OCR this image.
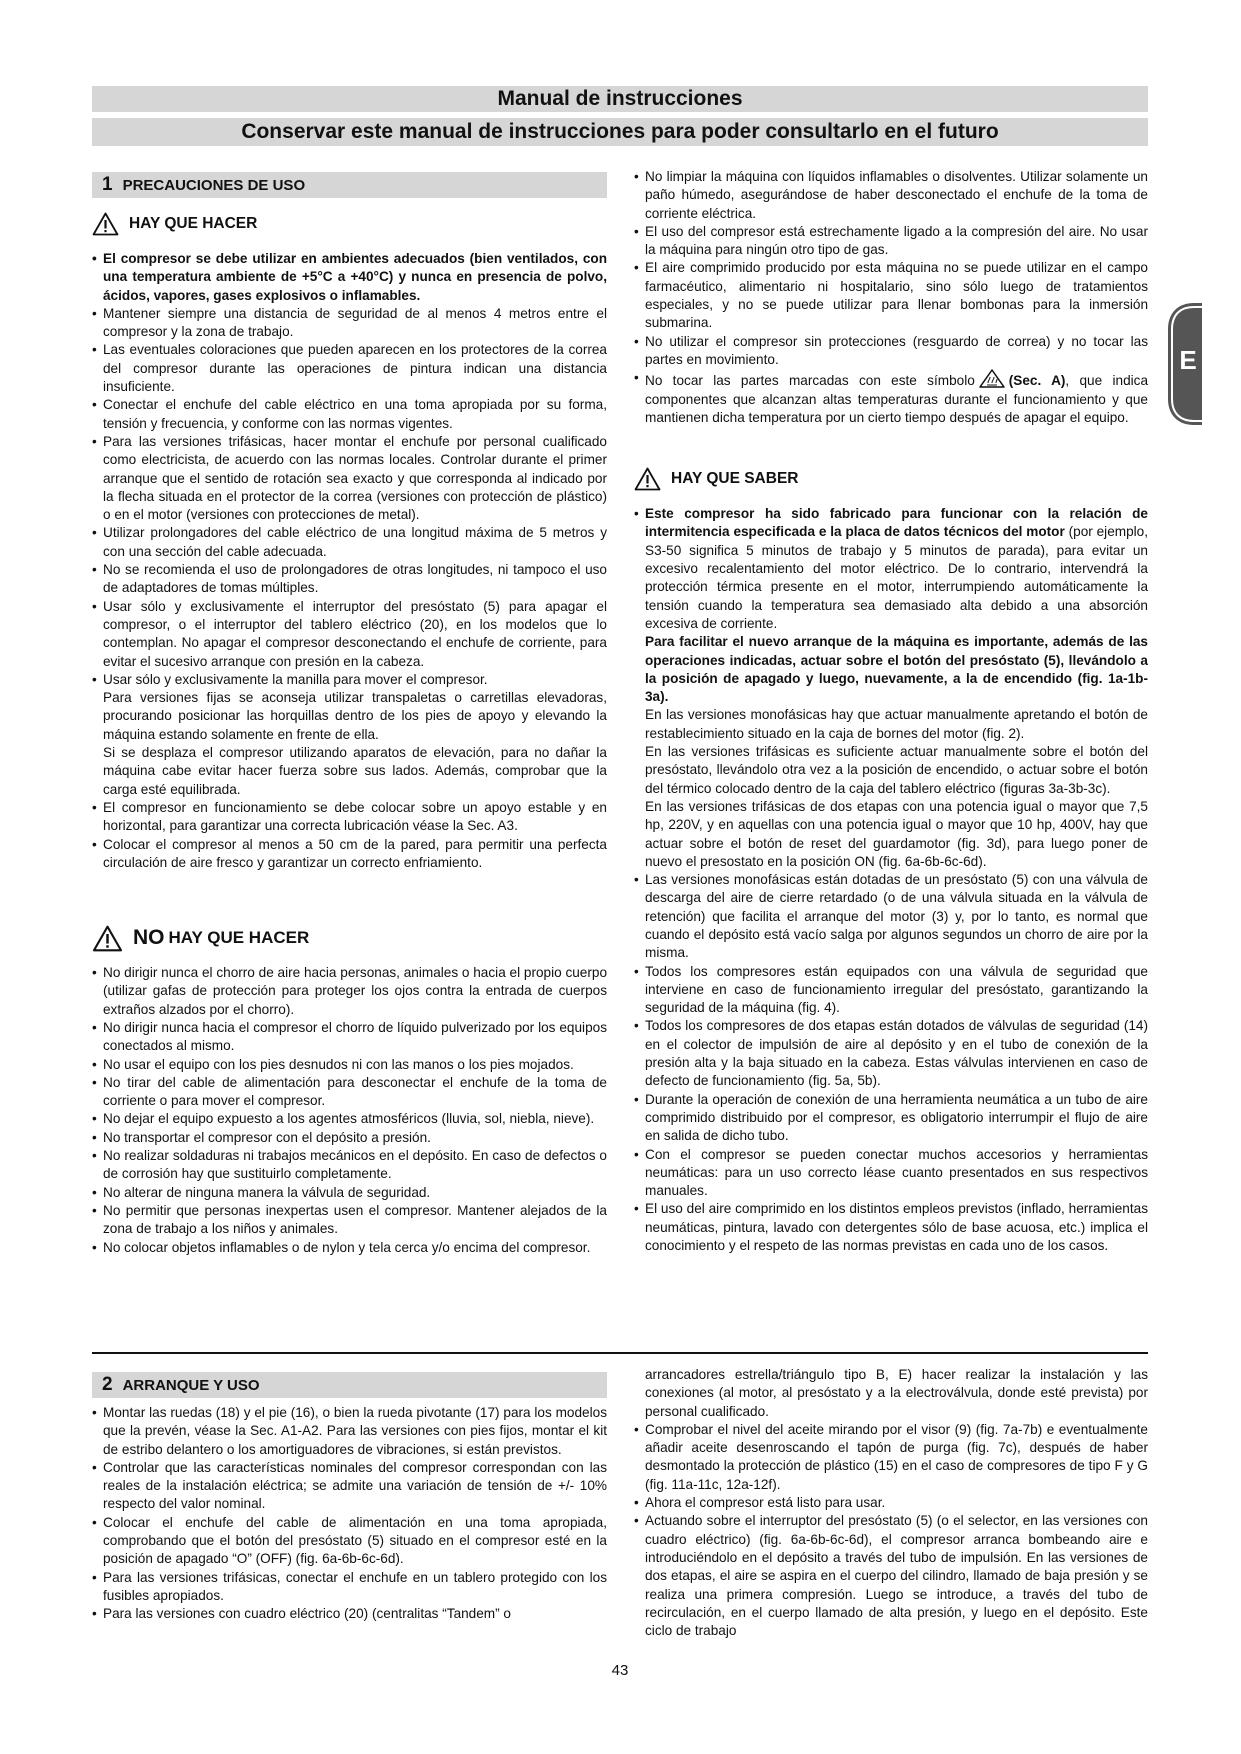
Manual de instrucciones
Conservar este manual de instrucciones para poder consultarlo en el futuro
E
1 PRECAUCIONES DE USO
HAY QUE HACER
• El compresor se debe utilizar en ambientes adecuados (bien ventilados, con una temperatura ambiente de +5°C a +40°C) y nunca en presencia de polvo, ácidos, vapores, gases explosivos o inflamables.
• Mantener siempre una distancia de seguridad de al menos 4 metros entre el compresor y la zona de trabajo.
• Las eventuales coloraciones que pueden aparecen en los protectores de la correa del compresor durante las operaciones de pintura indican una distancia insuficiente.
• Conectar el enchufe del cable eléctrico en una toma apropiada por su forma, tensión y frecuencia, y conforme con las normas vigentes.
• Para las versiones trifásicas, hacer montar el enchufe por personal cualificado como electricista, de acuerdo con las normas locales. Controlar durante el primer arranque que el sentido de rotación sea exacto y que corresponda al indicado por la flecha situada en el protector de la correa (versiones con protección de plástico) o en el motor (versiones con protecciones de metal).
• Utilizar prolongadores del cable eléctrico de una longitud máxima de 5 metros y con una sección del cable adecuada.
• No se recomienda el uso de prolongadores de otras longitudes, ni tampoco el uso de adaptadores de tomas múltiples.
• Usar sólo y exclusivamente el interruptor del presóstato (5) para apagar el compresor, o el interruptor del tablero eléctrico (20), en los modelos que lo contemplan. No apagar el compresor desconectando el enchufe de corriente, para evitar el sucesivo arranque con presión en la cabeza.
• Usar sólo y exclusivamente la manilla para mover el compresor.
Para versiones fijas se aconseja utilizar transpaletas o carretillas elevadoras, procurando posicionar las horquillas dentro de los pies de apoyo y elevando la máquina estando solamente en frente de ella.
Si se desplaza el compresor utilizando aparatos de elevación, para no dañar la máquina cabe evitar hacer fuerza sobre sus lados. Además, comprobar que la carga esté equilibrada.
• El compresor en funcionamiento se debe colocar sobre un apoyo estable y en horizontal, para garantizar una correcta lubricación véase la Sec. A3.
• Colocar el compresor al menos a 50 cm de la pared, para permitir una perfecta circulación de aire fresco y garantizar un correcto enfriamiento.
NO HAY QUE HACER
• No dirigir nunca el chorro de aire hacia personas, animales o hacia el propio cuerpo (utilizar gafas de protección para proteger los ojos contra la entrada de cuerpos extraños alzados por el chorro).
• No dirigir nunca hacia el compresor el chorro de líquido pulverizado por los equipos conectados al mismo.
• No usar el equipo con los pies desnudos ni con las manos o los pies mojados.
• No tirar del cable de alimentación para desconectar el enchufe de la toma de corriente o para mover el compresor.
• No dejar el equipo expuesto a los agentes atmosféricos (lluvia, sol, niebla, nieve).
• No transportar el compresor con el depósito a presión.
• No realizar soldaduras ni trabajos mecánicos en el depósito. En caso de defectos o de corrosión hay que sustituirlo completamente.
• No alterar de ninguna manera la válvula de seguridad.
• No permitir que personas inexpertas usen el compresor. Mantener alejados de la zona de trabajo a los niños y animales.
• No colocar objetos inflamables o de nylon y tela cerca y/o encima del compresor.
• No limpiar la máquina con líquidos inflamables o disolventes. Utilizar solamente un paño húmedo, asegurándose de haber desconectado el enchufe de la toma de corriente eléctrica.
• El uso del compresor está estrechamente ligado a la compresión del aire. No usar la máquina para ningún otro tipo de gas.
• El aire comprimido producido por esta máquina no se puede utilizar en el campo farmacéutico, alimentario ni hospitalario, sino sólo luego de tratamientos especiales, y no se puede utilizar para llenar bombonas para la inmersión submarina.
• No utilizar el compresor sin protecciones (resguardo de correa) y no tocar las partes en movimiento.
• No tocar las partes marcadas con este símbolo	(Sec. A), que indica componentes que alcanzan altas temperaturas durante el funcionamiento y que mantienen dicha temperatura por un cierto tiempo después de apagar el equipo.
HAY QUE SABER
• Este compresor ha sido fabricado para funcionar con la relación de intermitencia especificada e la placa de datos técnicos del motor (por ejemplo, S3-50 significa 5 minutos de trabajo y 5 minutos de parada), para evitar un excesivo recalentamiento del motor eléctrico. De lo contrario, intervendrá la protección térmica presente en el motor, interrumpiendo automáticamente la tensión cuando la temperatura sea demasiado alta debido a una absorción excesiva de corriente.
Para facilitar el nuevo arranque de la máquina es importante, además de las operaciones indicadas, actuar sobre el botón del presóstato (5), llevándolo a la posición de apagado y luego, nuevamente, a la de encendido (fig. 1a-1b-3a).
En las versiones monofásicas hay que actuar manualmente apretando el botón de restablecimiento situado en la caja de bornes del motor (fig. 2).
En las versiones trifásicas es suficiente actuar manualmente sobre el botón del presóstato, llevándolo otra vez a la posición de encendido, o actuar sobre el botón del térmico colocado dentro de la caja del tablero eléctrico (figuras 3a-3b-3c).
En las versiones trifásicas de dos etapas con una potencia igual o mayor que 7,5 hp, 220V, y en aquellas con una potencia igual o mayor que 10 hp, 400V, hay que actuar sobre el botón de reset del guardamotor (fig. 3d), para luego poner de nuevo el presostato en la posición ON (fig. 6a-6b-6c-6d).
• Las versiones monofásicas están dotadas de un presóstato (5) con una válvula de descarga del aire de cierre retardado (o de una válvula situada en la válvula de retención) que facilita el arranque del motor (3) y, por lo tanto, es normal que cuando el depósito está vacío salga por algunos segundos un chorro de aire por la misma.
• Todos los compresores están equipados con una válvula de seguridad que interviene en caso de funcionamiento irregular del presóstato, garantizando la seguridad de la máquina (fig. 4).
• Todos los compresores de dos etapas están dotados de válvulas de seguridad (14) en el colector de impulsión de aire al depósito y en el tubo de conexión de la presión alta y la baja situado en la cabeza. Estas válvulas intervienen en caso de defecto de funcionamiento (fig. 5a, 5b).
• Durante la operación de conexión de una herramienta neumática a un tubo de aire comprimido distribuido por el compresor, es obligatorio interrumpir el flujo de aire en salida de dicho tubo.
• Con el compresor se pueden conectar muchos accesorios y herramientas neumáticas: para un uso correcto léase cuanto presentados en sus respectivos manuales.
• El uso del aire comprimido en los distintos empleos previstos (inflado, herramientas neumáticas, pintura, lavado con detergentes sólo de base acuosa, etc.) implica el conocimiento y el respeto de las normas previstas en cada uno de los casos.
2 ARRANQUE Y USO
• Montar las ruedas (18) y el pie (16), o bien la rueda pivotante (17) para los modelos que la prevén, véase la Sec. A1-A2. Para las versiones con pies fijos, montar el kit de estribo delantero o los amortiguadores de vibraciones, si están previstos.
• Controlar que las características nominales del compresor correspondan con las reales de la instalación eléctrica; se admite una variación de tensión de +/- 10% respecto del valor nominal.
• Colocar el enchufe del cable de alimentación en una toma apropiada, comprobando que el botón del presóstato (5) situado en el compresor esté en la posición de apagado “O” (OFF) (fig. 6a-6b-6c-6d).
• Para las versiones trifásicas, conectar el enchufe en un tablero protegido con los fusibles apropiados.
• Para las versiones con cuadro eléctrico (20) (centralitas “Tandem” o
arrancadores estrella/triángulo tipo B, E) hacer realizar la instalación y las conexiones (al motor, al presóstato y a la electroválvula, donde esté prevista) por personal cualificado.
• Comprobar el nivel del aceite mirando por el visor (9) (fig. 7a-7b) e eventualmente añadir aceite desenroscando el tapón de purga (fig. 7c), después de haber desmontado la protección de plástico (15) en el caso de compresores de tipo F y G (fig. 11a-11c, 12a-12f).
• Ahora el compresor está listo para usar.
• Actuando sobre el interruptor del presóstato (5) (o el selector, en las versiones con cuadro eléctrico) (fig. 6a-6b-6c-6d), el compresor arranca bombeando aire e introduciéndolo en el depósito a través del tubo de impulsión. En las versiones de dos etapas, el aire se aspira en el cuerpo del cilindro, llamado de baja presión y se realiza una primera compresión. Luego se introduce, a través del tubo de recirculación, en el cuerpo llamado de alta presión, y luego en el depósito. Este ciclo de trabajo
43
